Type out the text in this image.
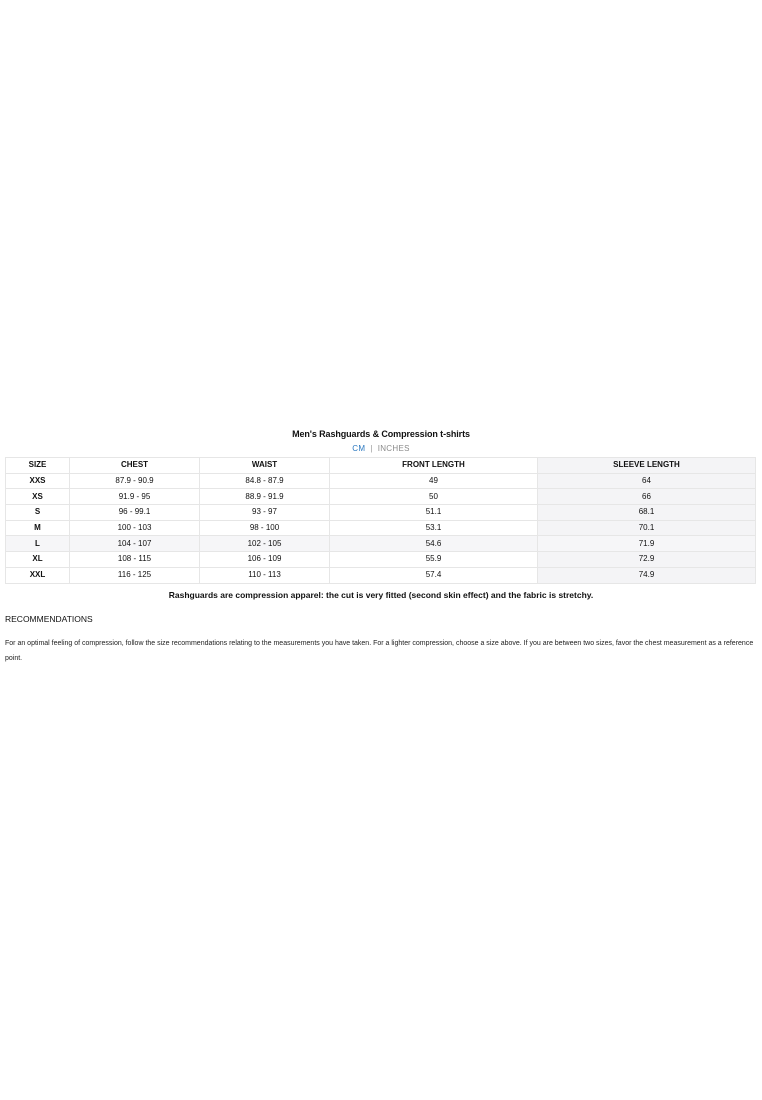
Men's Rashguards & Compression t-shirts
CM | INCHES
SIZE	CHEST	WAIST	FRONT LENGTH	SLEEVE LENGTH
XXS	87.9 - 90.9	84.8 - 87.9	49	64
XS	91.9 - 95	88.9 - 91.9	50	66
S	96 - 99.1	93 - 97	51.1	68.1
M	100 - 103	98 - 100	53.1	70.1
L	104 - 107	102 - 105	54.6	71.9
XL	108 - 115	106 - 109	55.9	72.9
XXL	116 - 125	110 - 113	57.4	74.9
Rashguards are compression apparel: the cut is very fitted (second skin effect) and the fabric is stretchy.
RECOMMENDATIONS
For an optimal feeling of compression, follow the size recommendations relating to the measurements you have taken. For a lighter compression, choose a size above. If you are between two sizes, favor the chest measurement as a reference point.
